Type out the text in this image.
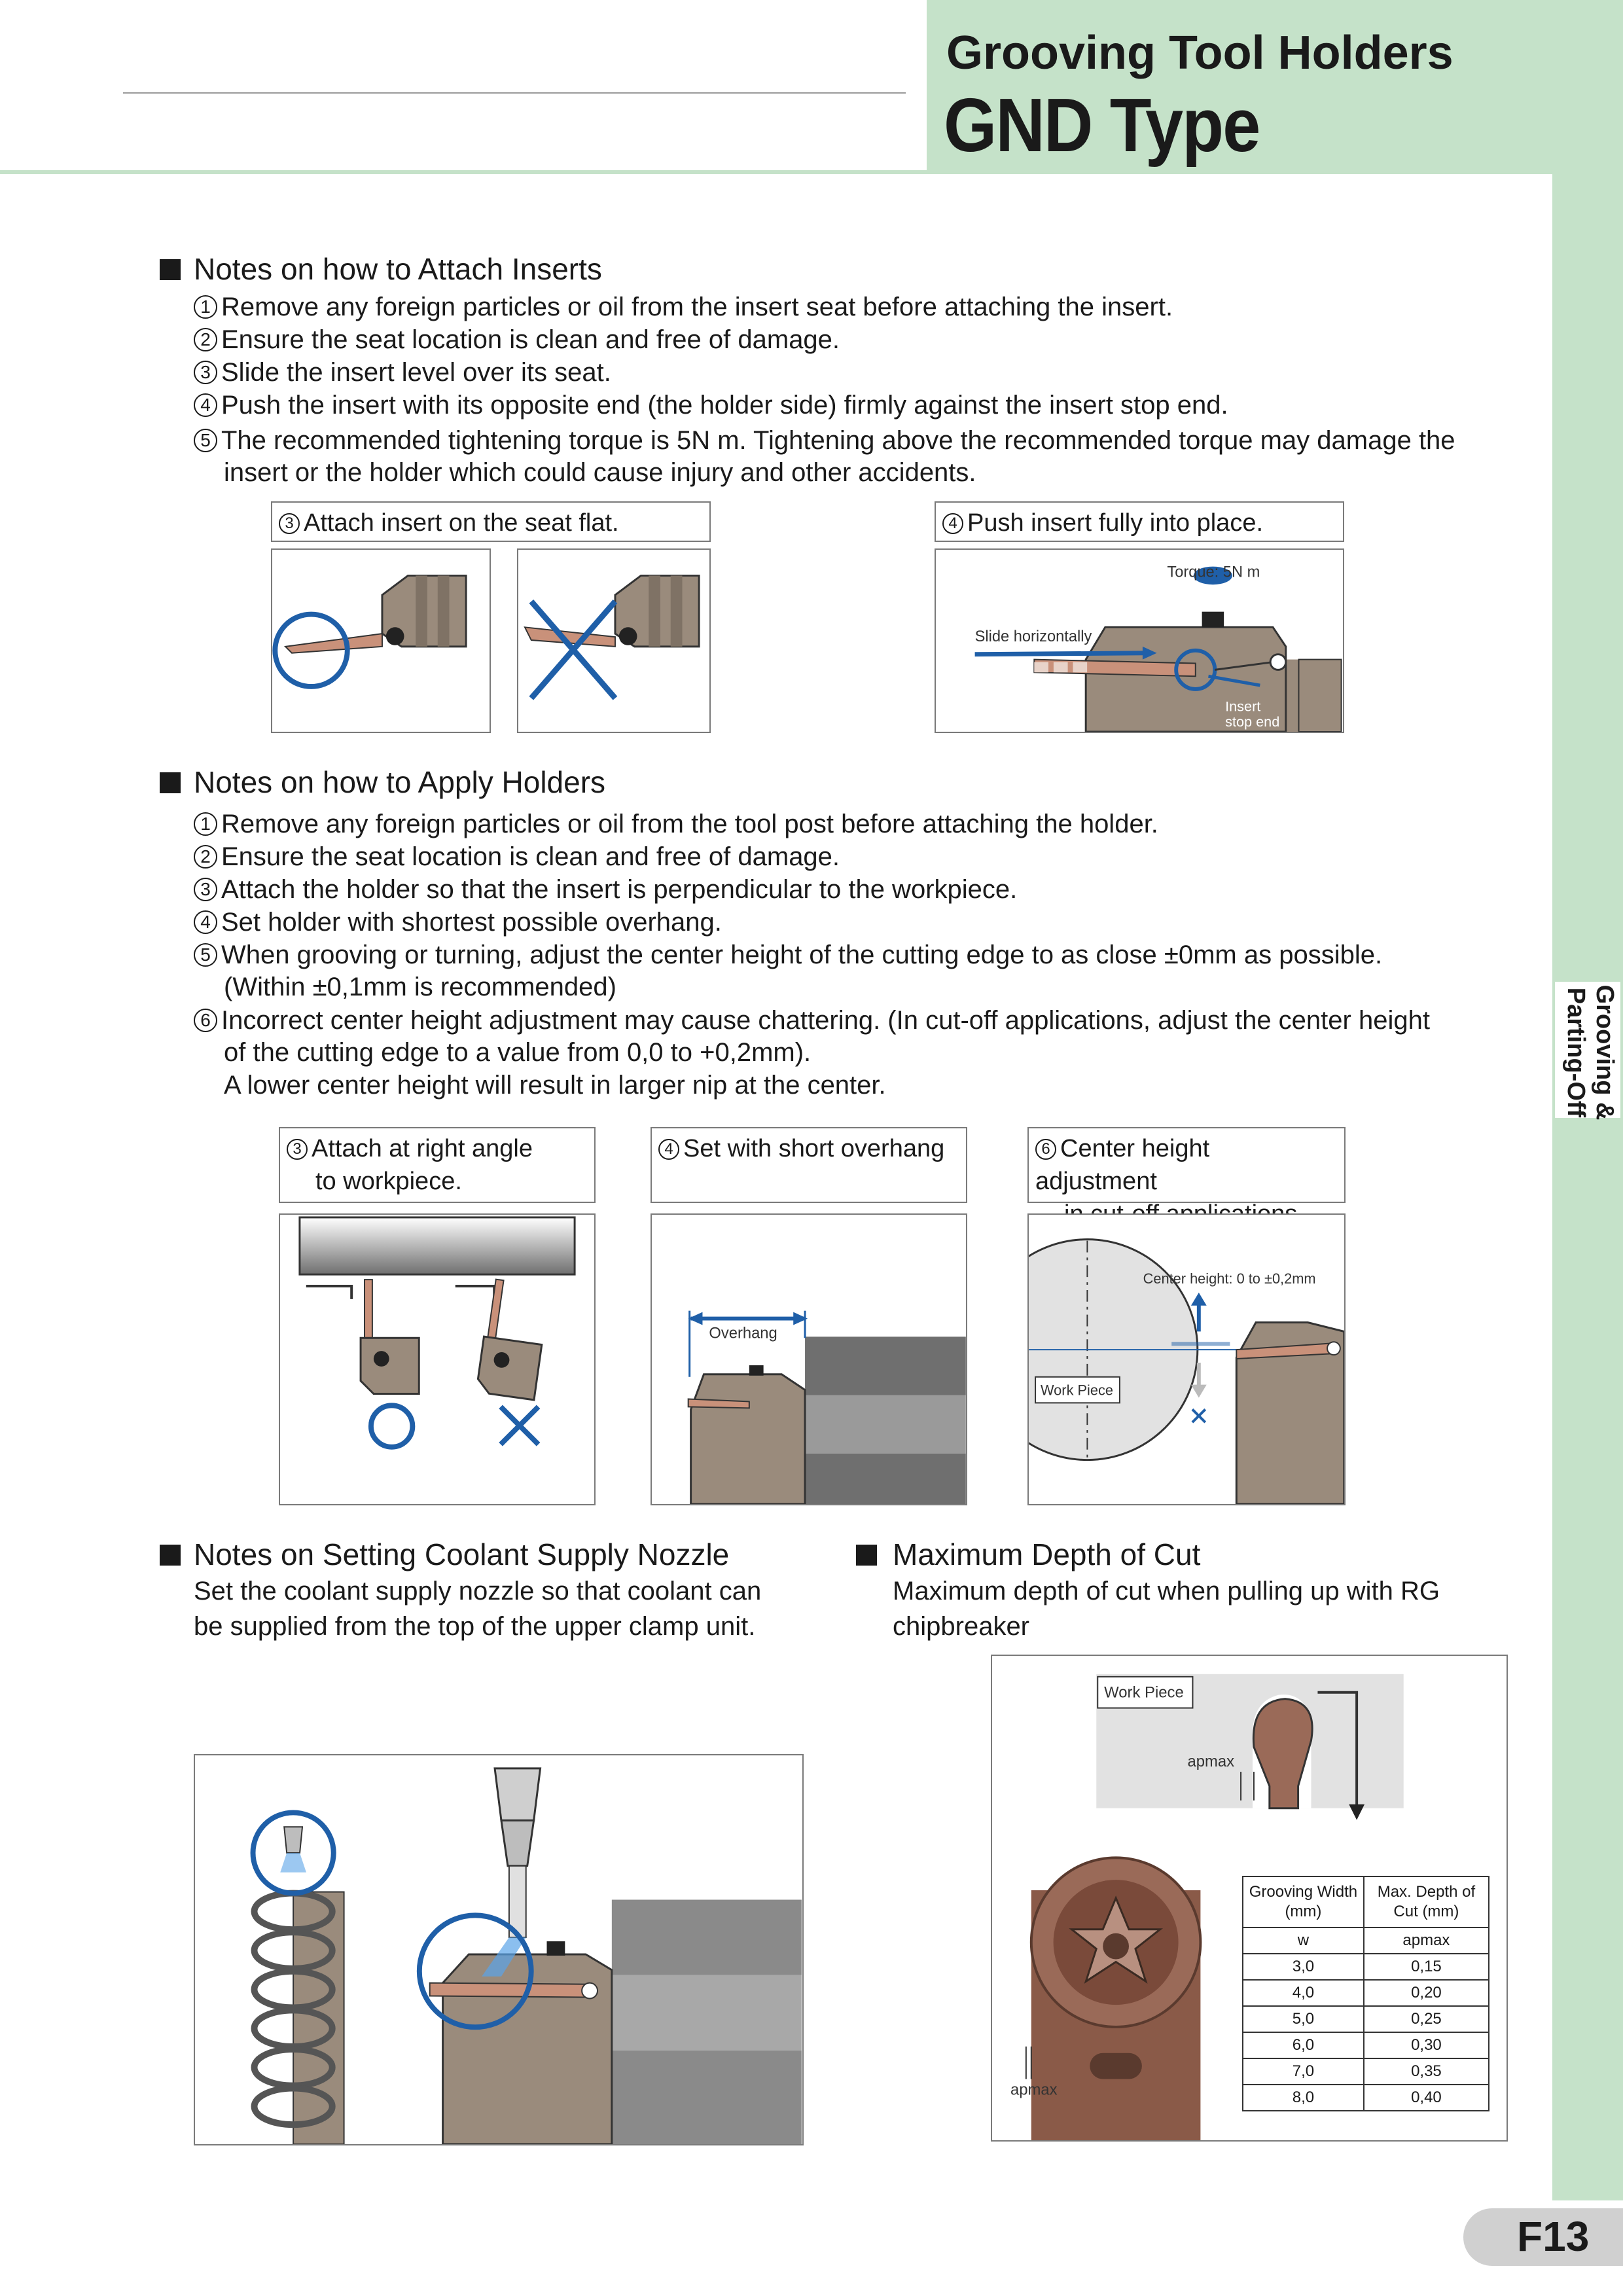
Grooving Tool Holders
GND Type
Grooving & Parting-Off
F13
Notes on how to Attach Inserts
1 Remove any foreign particles or oil from the insert seat before attaching the insert.
2 Ensure the seat location is clean and free of damage.
3 Slide the insert level over its seat.
4 Push the insert with its opposite end (the holder side) firmly against the insert stop end.
5 The recommended tightening torque is 5N m. Tightening above the recommended torque may damage the
insert or the holder which could cause injury and other accidents.
3 Attach insert on the seat flat.	4 Push insert fully into place.
Torque: 5N m
Slide horizontally
Insert
stop end
Notes on how to Apply Holders
1 Remove any foreign particles or oil from the tool post before attaching the holder.
2 Ensure the seat location is clean and free of damage.
3 Attach the holder so that the insert is perpendicular to the workpiece.
4 Set holder with shortest possible overhang.
5 When grooving or turning, adjust the center height of the cutting edge to as close ±0mm as possible.
(Within ±0,1mm is recommended)
6 Incorrect center height adjustment may cause chattering. (In cut-off applications, adjust the center height
of the cutting edge to a value from 0,0 to +0,2mm).
A lower center height will result in larger nip at the center.
3 Attach at right angle
to workpiece.
4 Set with short overhang	6 Center height adjustment
Overhang
Center height: 0 to ±0,2mm
Work Piece
Notes on Setting Coolant Supply Nozzle
Set the coolant supply nozzle so that coolant can
be supplied from the top of the upper clamp unit.
Maximum Depth of Cut
Maximum depth of cut when pulling up with RG
chipbreaker
Work Piece
apmax
apmax
Grooving Width (mm)	Max. Depth of Cut (mm)
w	apmax
3,0	0,15
4,0	0,20
5,0	0,25
6,0	0,30
7,0	0,35
8,0	0,40
